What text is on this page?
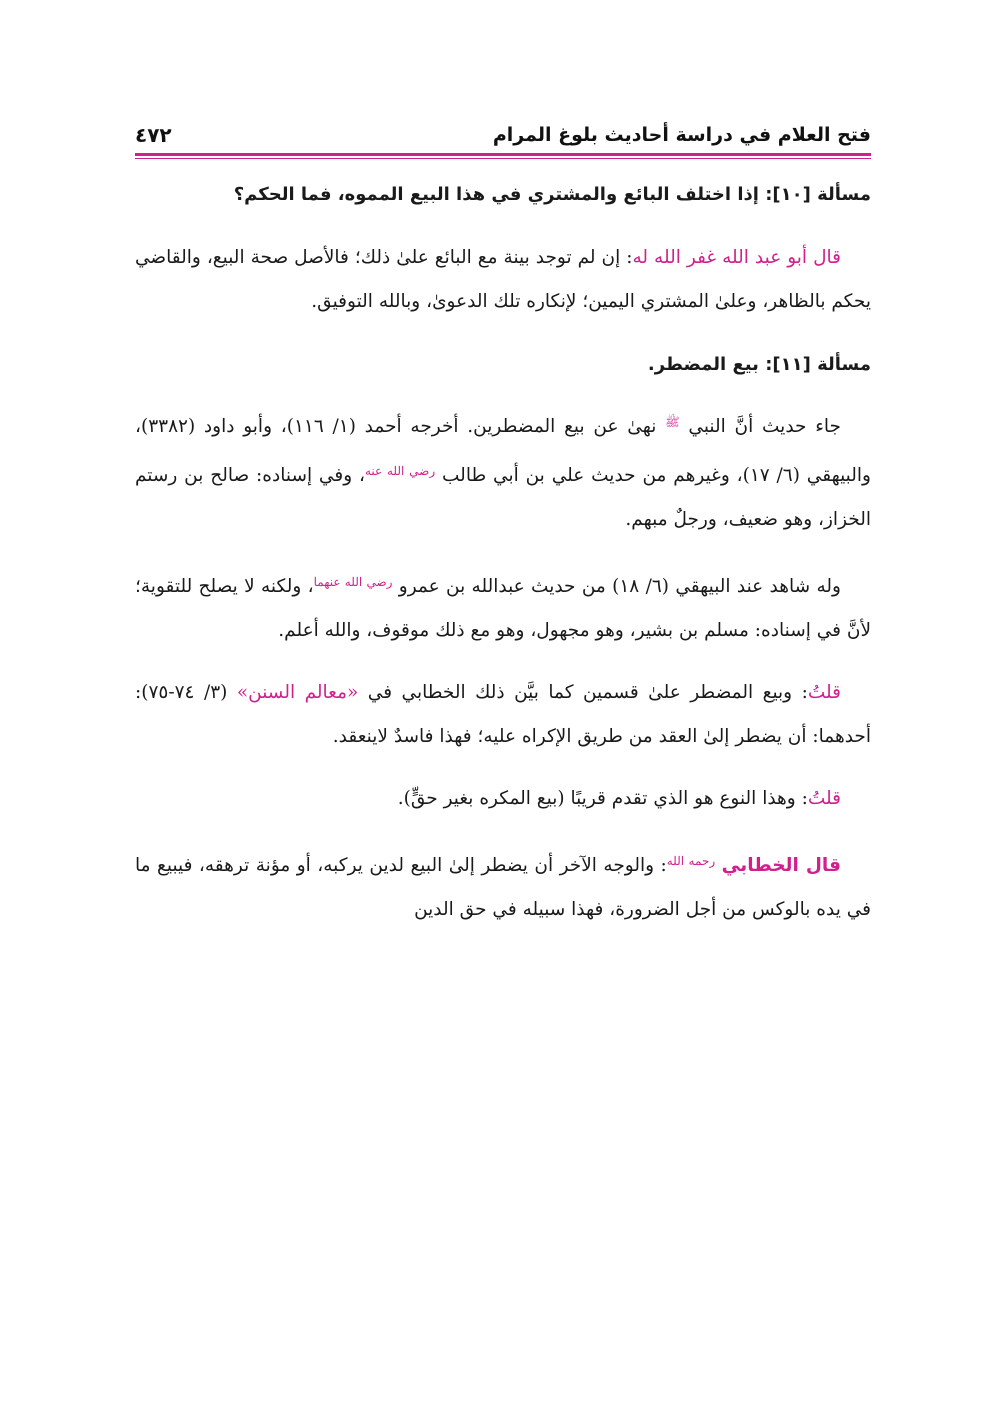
فتح العلام في دراسة أحاديث بلوغ المرام
٤٧٢

مسألة [١٠]: إذا اختلف البائع والمشتري في هذا البيع المموه، فما الحكم؟

قال أبو عبد الله غفر الله له: إن لم توجد بينة مع البائع علىٰ ذلك؛ فالأصل صحة البيع، والقاضي يحكم بالظاهر، وعلىٰ المشتري اليمين؛ لإنكاره تلك الدعوىٰ، وبالله التوفيق.

مسألة [١١]: بيع المضطر.

جاء حديث أنَّ النبي $^ﷺ$ نهىٰ عن بيع المضطرين. أخرجه أحمد (١/ ١١٦)، وأبو داود (٣٣٨٢)، والبيهقي (٦/ ١٧)، وغيرهم من حديث علي بن أبي طالب $^{رضي الله عنه}$، وفي إسناده: صالح بن رستم الخزاز، وهو ضعيف، ورجلٌ مبهم.

وله شاهد عند البيهقي (٦/ ١٨) من حديث عبدالله بن عمرو $^{رضي الله عنهما}$، ولكنه لا يصلح للتقوية؛ لأنَّ في إسناده: مسلم بن بشير، وهو مجهول، وهو مع ذلك موقوف، والله أعلم.

قلتُ: وبيع المضطر علىٰ قسمين كما بيَّن ذلك الخطابي في «معالم السنن» (٣/ ٧٤-٧٥): أحدهما: أن يضطر إلىٰ العقد من طريق الإكراه عليه؛ فهذا فاسدٌ لاينعقد.

قلتُ: وهذا النوع هو الذي تقدم قريبًا (بيع المكره بغير حقٍّ).

قال الخطابي $^{رحمه الله}$: والوجه الآخر أن يضطر إلىٰ البيع لدين يركبه، أو مؤنة ترهقه، فيبيع ما في يده بالوكس من أجل الضرورة، فهذا سبيله في حق الدين
